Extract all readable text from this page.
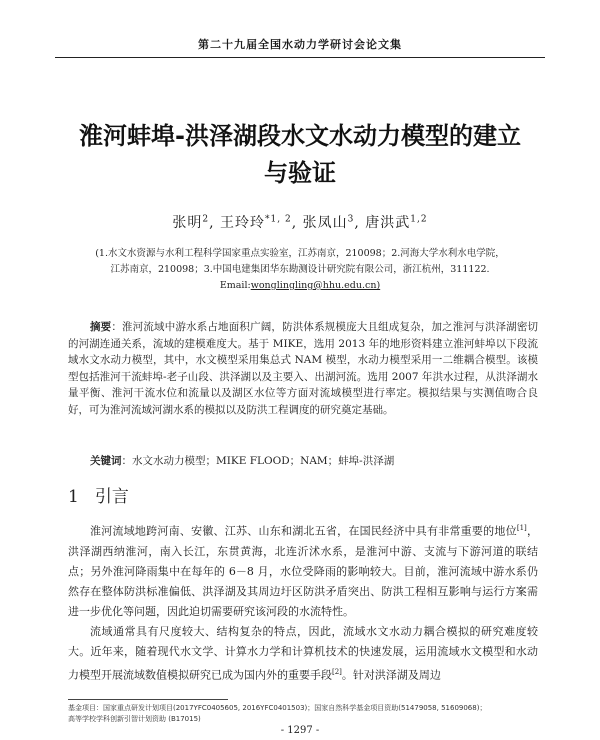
第二十九届全国水动力学研讨会论文集
淮河蚌埠-洪泽湖段水文水动力模型的建立
与验证
张明$^2$, 王玲玲$^{*1, 2}$, 张凤山$^3$, 唐洪武$^{1,2}$
(1.水文水资源与水利工程科学国家重点实验室，江苏南京，210098；2.河海大学水利水电学院，
江苏南京，210098；3.中国电建集团华东勘测设计研究院有限公司，浙江杭州，311122.
Email:wonglingling@hhu.edu.cn)
摘要：淮河流域中游水系占地面积广阔，防洪体系规模庞大且组成复杂，加之淮河与洪泽湖密切的河湖连通关系，流域的建模难度大。基于 MIKE，选用 2013 年的地形资料建立淮河蚌埠以下段流域水文水动力模型，其中，水文模型采用集总式 NAM 模型，水动力模型采用一二维耦合模型。该模型包括淮河干流蚌埠-老子山段、洪泽湖以及主要入、出湖河流。选用 2007 年洪水过程，从洪泽湖水量平衡、淮河干流水位和流量以及湖区水位等方面对流域模型进行率定。模拟结果与实测值吻合良好，可为淮河流域河湖水系的模拟以及防洪工程调度的研究奠定基础。
关键词：水文水动力模型；MIKE FLOOD；NAM；蚌埠-洪泽湖
1 引言

淮河流域地跨河南、安徽、江苏、山东和湖北五省，在国民经济中具有非常重要的地位[1]，洪泽湖西纳淮河，南入长江，东贯黄海，北连沂沭水系，是淮河中游、支流与下游河道的联结点；另外淮河降雨集中在每年的 6－8 月，水位受降雨的影响较大。目前，淮河流域中游水系仍然存在整体防洪标准偏低、洪泽湖及其周边圩区防洪矛盾突出、防洪工程相互影响与运行方案需进一步优化等问题，因此迫切需要研究该河段的水流特性。

流域通常具有尺度较大、结构复杂的特点，因此，流域水文水动力耦合模拟的研究难度较大。近年来，随着现代水文学、计算水力学和计算机技术的快速发展，运用流域水文模型和水动力模型开展流域数值模拟研究已成为国内外的重要手段[2]。针对洪泽湖及周边

基金项目：国家重点研发计划项目(2017YFC0405605, 2016YFC0401503)；国家自然科学基金项目资助(51479058, 51609068)；
高等学校学科创新引智计划资助 (B17015)
- 1297 -
